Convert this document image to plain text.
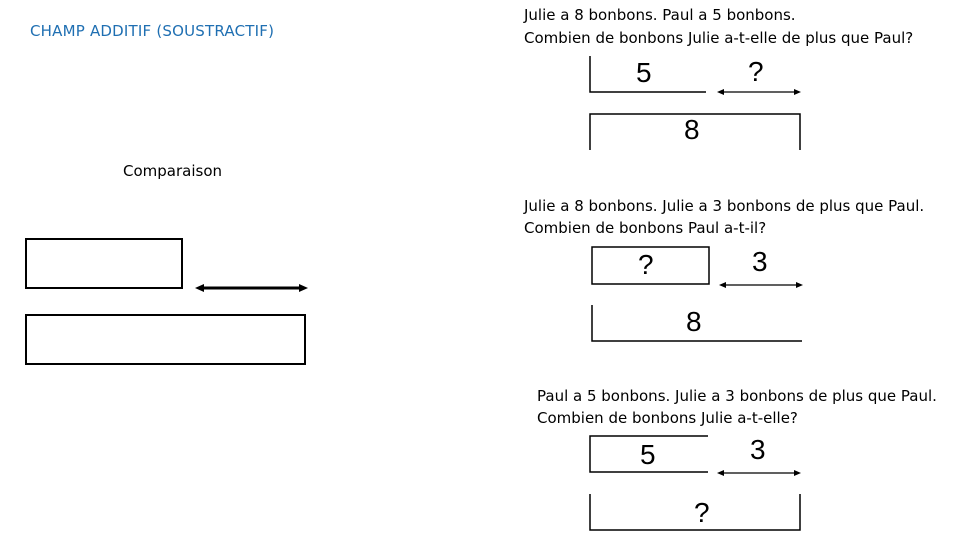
CHAMP ADDITIF (SOUSTRACTIF)
Comparaison
Julie a 8 bonbons. Paul a 5 bonbons.
Combien de bonbons Julie a-t-elle de plus que Paul?
5	?
8
Julie a 8 bonbons. Julie a 3 bonbons de plus que Paul.
Combien de bonbons Paul a-t-il?
?	3
8
Paul a 5 bonbons. Julie a 3 bonbons de plus que Paul.
Combien de bonbons Julie a-t-elle?
5	3
?
